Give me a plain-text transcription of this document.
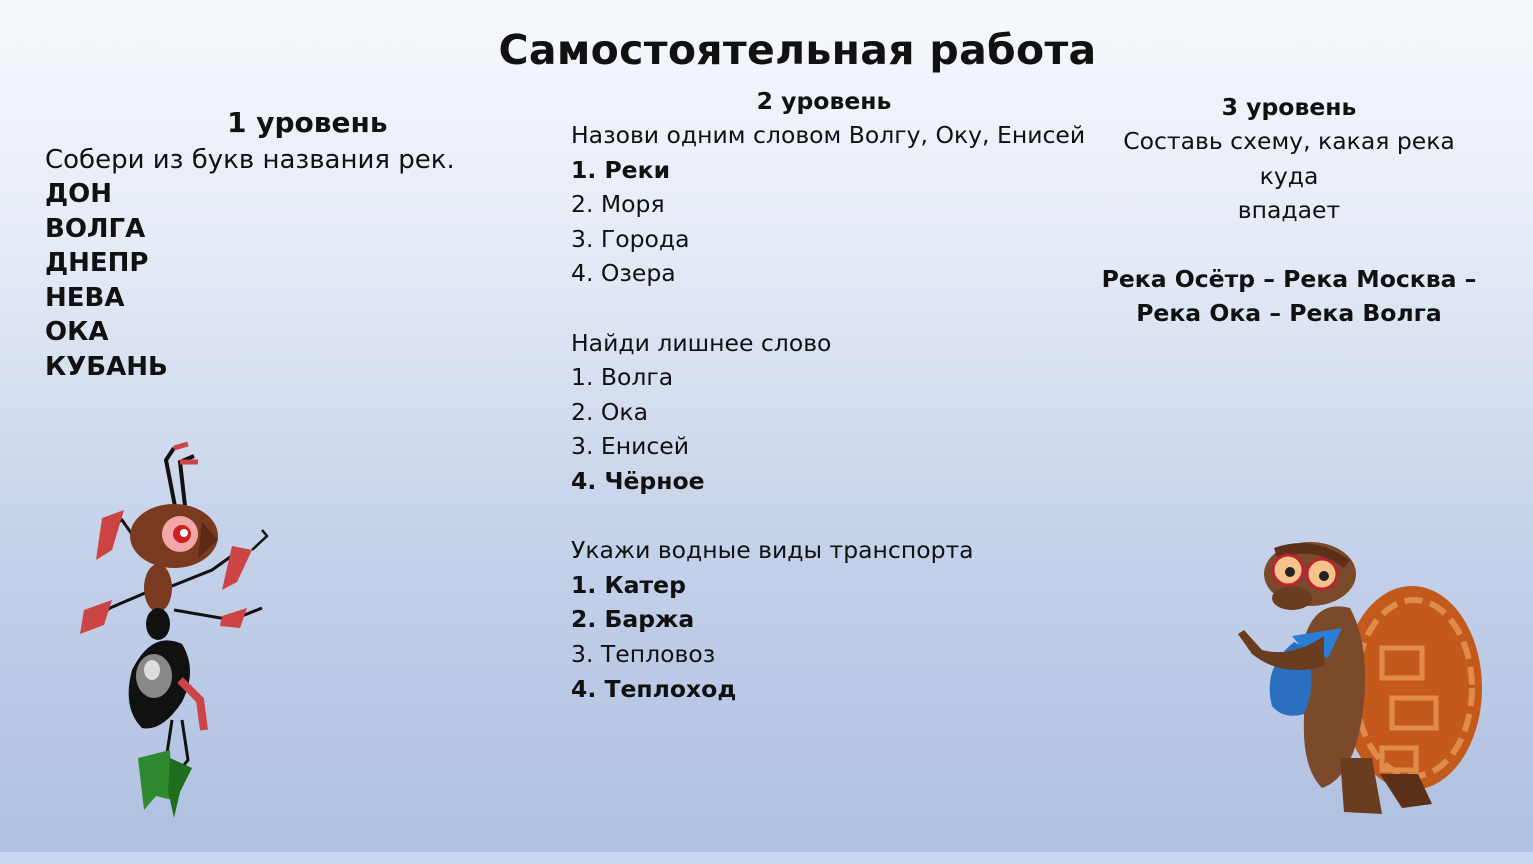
Самостоятельная работа
1 уровень
Собери из букв названия рек.
ДОН
ВОЛГА
ДНЕПР
НЕВА
ОКА
КУБАНЬ
2 уровень
Назови одним словом Волгу, Оку, Енисей
1. Реки
2. Моря
3. Города
4. Озера
Найди лишнее слово
1. Волга
2. Ока
3. Енисей
4. Чёрное
Укажи водные виды транспорта
1. Катер
2. Баржа
3. Тепловоз
4. Теплоход
3 уровень
Составь схему, какая река куда
впадает
Река Осётр – Река Москва –
Река Ока – Река Волга
